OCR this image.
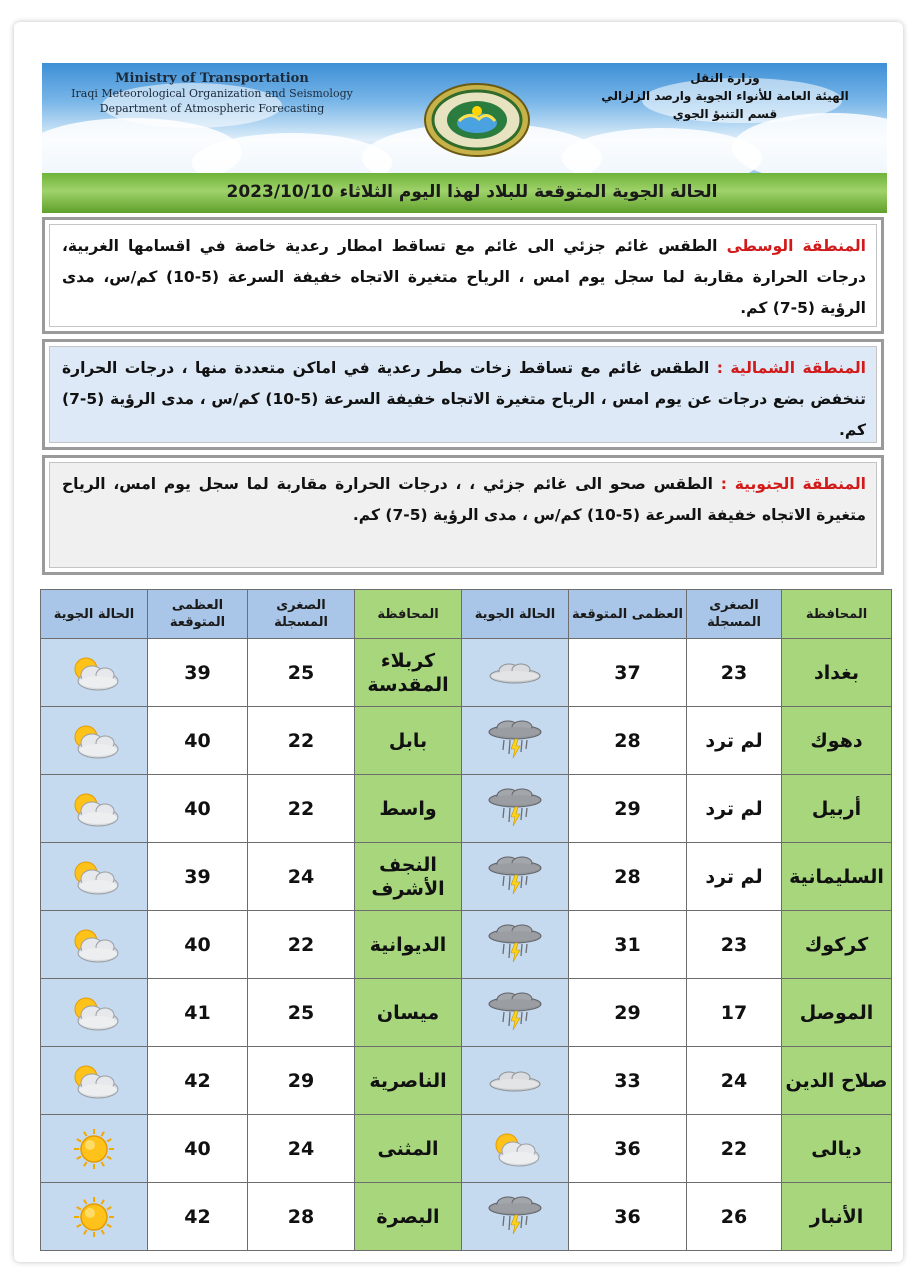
Ministry of Transportation
Iraqi Meteorological Organization and Seismology
Department of Atmospheric Forecasting
وزارة النقل
الهيئة العامة للأنواء الجوية وارصد الزلزالي
قسم التنبؤ الجوي
الحالة الجوية المتوقعة للبلاد لهذا اليوم الثلاثاء 2023/10/10
المنطقة الوسطى الطقس غائم جزئي الى غائم مع تساقط امطار رعدية خاصة في اقسامها الغربية، درجات الحرارة مقاربة لما سجل يوم امس ، الرياح متغيرة الاتجاه خفيفة السرعة (5-10) كم/س، مدى الرؤية (5-7) كم.
المنطقة الشمالية : الطقس غائم مع تساقط زخات مطر رعدية في اماكن متعددة منها ، درجات الحرارة تنخفض بضع درجات عن يوم امس ، الرياح متغيرة الاتجاه خفيفة السرعة (5-10) كم/س ، مدى الرؤية (5-7) كم.
المنطقة الجنوبية : الطقس صحو الى غائم جزئي ، ، درجات الحرارة مقاربة لما سجل يوم امس، الرياح متغيرة الاتجاه خفيفة السرعة (5-10) كم/س ، مدى الرؤية (5-7) كم.
المحافظة	الصغرى المسجلة	العظمى المتوقعة	الحالة الجوية	المحافظة	الصغرى المسجلة	العظمى المتوقعة	الحالة الجوية
بغداد	23	37		كربلاء المقدسة	25	39	

دهوك	لم ترد	28		بابل	22	40	

أربيل	لم ترد	29		واسط	22	40	

السليمانية	لم ترد	28		النجف الأشرف	24	39	

كركوك	23	31		الديوانية	22	40	

الموصل	17	29		ميسان	25	41	

صلاح الدين	24	33		الناصرية	29	42	

ديالى	22	36		المثنى	24	40	

الأنبار	26	36		البصرة	28	42	
